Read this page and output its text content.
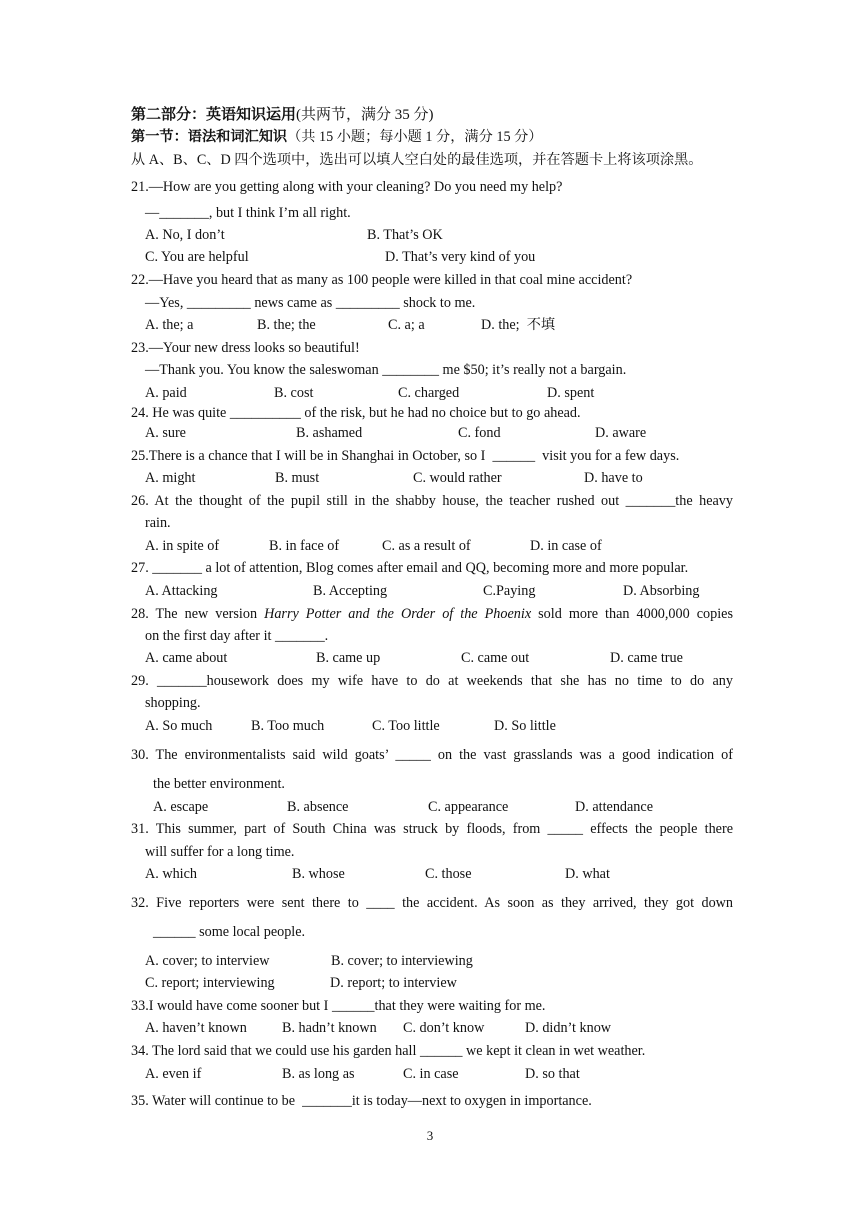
第二部分：英语知识运用(共两节，满分 35 分)
第一节：语法和词汇知识（共 15 小题；每小题 1 分，满分 15 分）
从 A、B、C、D 四个选项中，选出可以填人空白处的最佳选项，并在答题卡上将该项涂黑。
21.—How are you getting along with your cleaning? Do you need my help?
—_______, but I think I’m all right.
A. No, I don’t	B. That’s OK
C. You are helpful	D. That’s very kind of you
22.—Have you heard that as many as 100 people were killed in that coal mine accident?
—Yes, _________ news came as _________ shock to me.
A. the; a	B. the; the	C. a; a	D. the;  不填
23.—Your new dress looks so beautiful!
—Thank you. You know the saleswoman ________ me $50; it’s really not a bargain.
A. paid	B. cost	C. charged	D. spent
24. He was quite __________ of the risk, but he had no choice but to go ahead.
A. sure	B. ashamed	C. fond	D. aware
25.There is a chance that I will be in Shanghai in October, so I  ______  visit you for a few days.
A. might	B. must	C. would rather	D. have to
26. At the thought of the pupil still in the shabby house, the teacher rushed out _______the heavy
rain.
A. in spite of	B. in face of	C. as a result of	D. in case of
27. _______ a lot of attention, Blog comes after email and QQ, becoming more and more popular.
A. Attacking	B. Accepting	C.Paying	D. Absorbing
28. The new version Harry Potter and the Order of the Phoenix sold more than 4000,000 copies
on the first day after it _______.
A. came about	B. came up	C. came out	D. came true
29. _______housework does my wife have to do at weekends that she has no time to do any
shopping.
A. So much	B. Too much	C. Too little	D. So little
30. The environmentalists said wild goats’ _____ on the vast grasslands was a good indication of
the better environment.
A. escape	B. absence	C. appearance	D. attendance
31. This summer, part of South China was struck by floods, from _____ effects the people there
will suffer for a long time.
A. which	B. whose	C. those	D. what
32. Five reporters were sent there to ____ the accident. As soon as they arrived, they got down
______ some local people.
A. cover; to interview	B. cover; to interviewing
C. report; interviewing	D. report; to interview
33.I would have come sooner but I ______that they were waiting for me.
A. haven’t known B. hadn’t known C. don’t know	D. didn’t know
34. The lord said that we could use his garden hall ______ we kept it clean in wet weather.
A. even if	B. as long as	C. in case	D. so that
35. Water will continue to be  _______it is today—next to oxygen in importance.
3
